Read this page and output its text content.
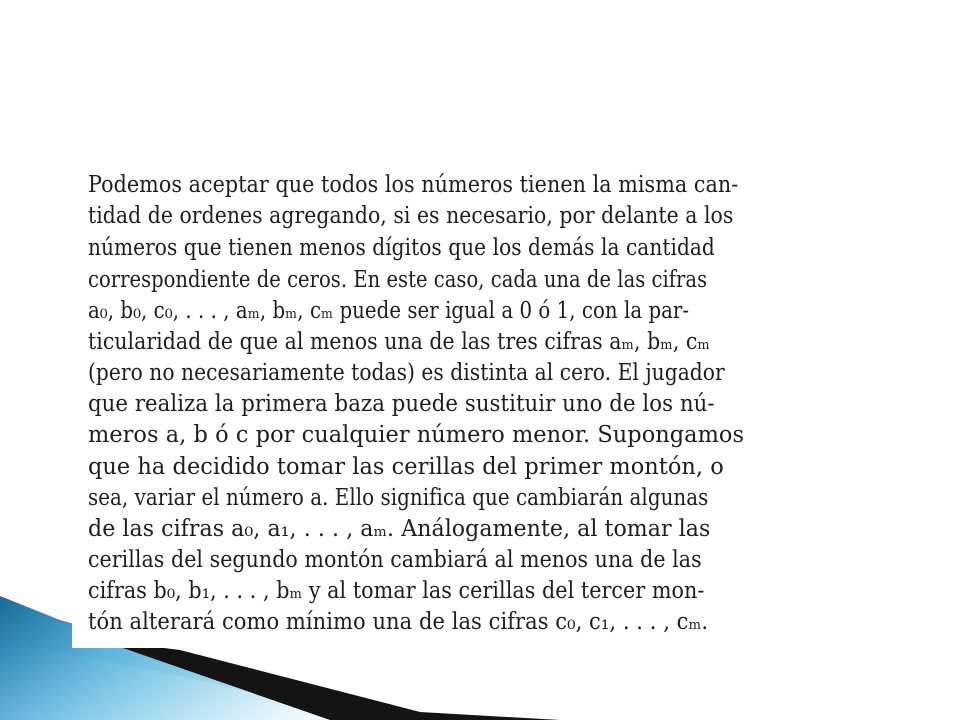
Podemos aceptar que todos los números tienen la misma can-
tidad de ordenes agregando, si es necesario, por delante a los
números que tienen menos dígitos que los demás la cantidad
correspondiente de ceros. En este caso, cada una de las cifras
a₀, b₀, c₀, . . . , aₘ, bₘ, cₘ puede ser igual a 0 ó 1, con la par-
ticularidad de que al menos una de las tres cifras aₘ, bₘ, cₘ
(pero no necesariamente todas) es distinta al cero. El jugador
que realiza la primera baza puede sustituir uno de los nú-
meros a, b ó c por cualquier número menor. Supongamos
que ha decidido tomar las cerillas del primer montón, o
sea, variar el número a. Ello significa que cambiarán algunas
de las cifras a₀, a₁, . . . , aₘ. Análogamente, al tomar las
cerillas del segundo montón cambiará al menos una de las
cifras b₀, b₁, . . . , bₘ y al tomar las cerillas del tercer mon-
tón alterará como mínimo una de las cifras c₀, c₁, . . . , cₘ.
